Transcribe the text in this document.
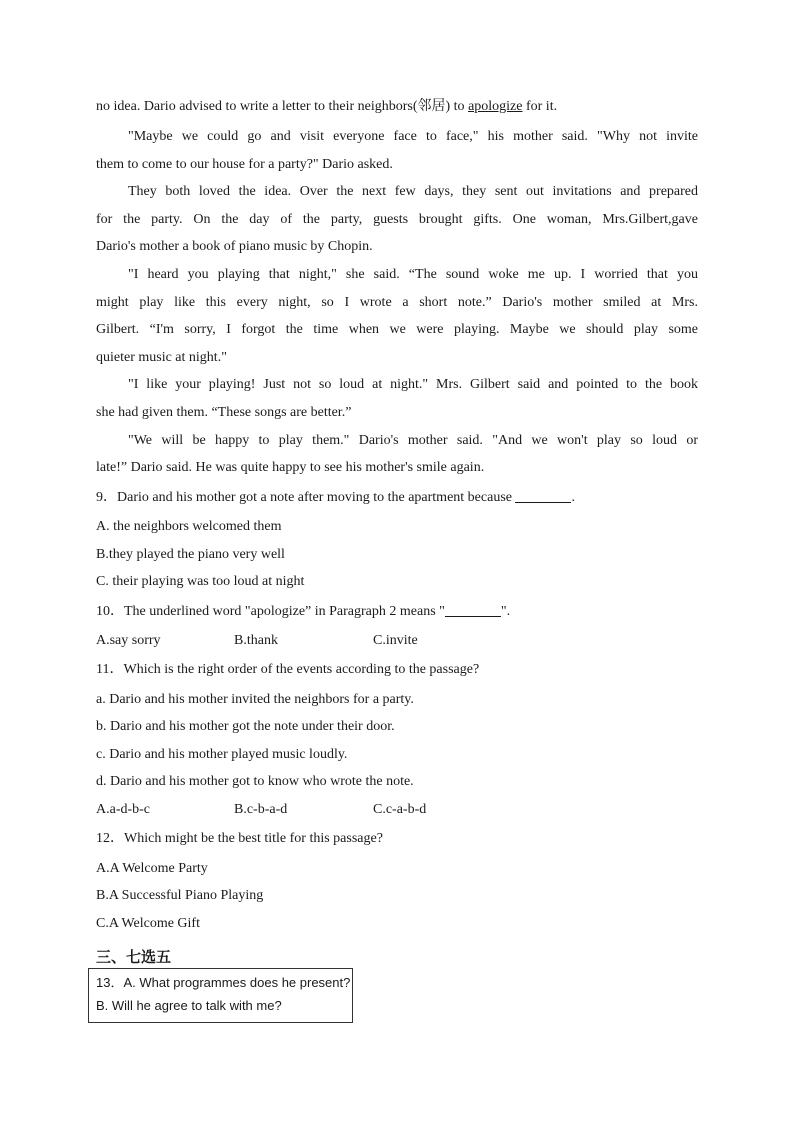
no idea. Dario advised to write a letter to their neighbors(邻居) to apologize for it.
"Maybe we could go and visit everyone face to face," his mother said. "Why not invite
them to come to our house for a party?" Dario asked.
They both loved the idea. Over the next few days, they sent out invitations and prepared
for the party. On the day of the party, guests brought gifts. One woman, Mrs.Gilbert,gave
Dario's mother a book of piano music by Chopin.
"I heard you playing that night," she said. “The sound woke me up. I worried that you
might play like this every night, so I wrote a short note.” Dario's mother smiled at Mrs.
Gilbert. “I'm sorry, I forgot the time when we were playing. Maybe we should play some
quieter music at night."
"I like your playing! Just not so loud at night." Mrs. Gilbert said and pointed to the book
she had given them. “These songs are better.”
"We will be happy to play them." Dario's mother said. "And we won't play so loud or
late!” Dario said. He was quite happy to see his mother's smile again.
9．Dario and his mother got a note after moving to the apartment because	.
A. the neighbors welcomed them
B.they played the piano very well
C. their playing was too loud at night
10．The underlined word "apologize” in Paragraph 2 means "	".
A.say sorry	B.thank	C.invite
11．Which is the right order of the events according to the passage?
a. Dario and his mother invited the neighbors for a party.
b. Dario and his mother got the note under their door.
c. Dario and his mother played music loudly.
d. Dario and his mother got to know who wrote the note.
A.a-d-b-c	B.c-b-a-d	C.c-a-b-d
12．Which might be the best title for this passage?
A.A Welcome Party
B.A Successful Piano Playing
C.A Welcome Gift
三、七选五
13．A. What programmes does he present?
B. Will he agree to talk with me?
